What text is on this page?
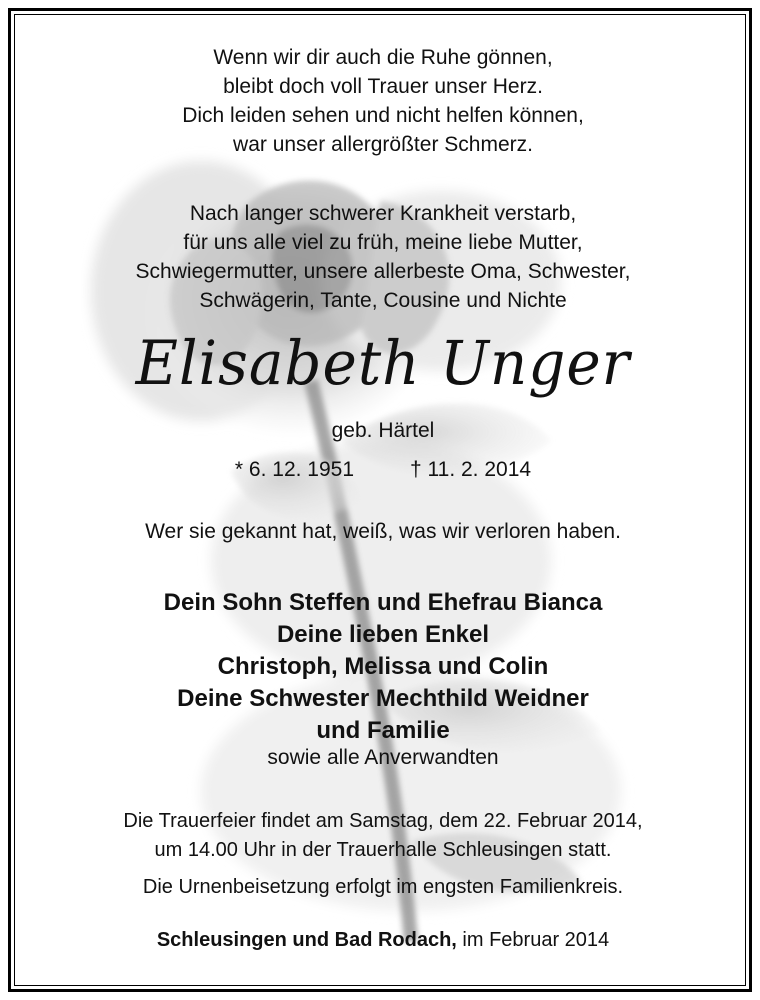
Wenn wir dir auch die Ruhe gönnen,
bleibt doch voll Trauer unser Herz.
Dich leiden sehen und nicht helfen können,
war unser allergrößter Schmerz.
Nach langer schwerer Krankheit verstarb,
für uns alle viel zu früh, meine liebe Mutter,
Schwiegermutter, unsere allerbeste Oma, Schwester,
Schwägerin, Tante, Cousine und Nichte
Elisabeth Unger
geb. Härtel
* 6. 12. 1951	† 11. 2. 2014
Wer sie gekannt hat, weiß, was wir verloren haben.
Dein Sohn Steffen und Ehefrau Bianca
Deine lieben Enkel
Christoph, Melissa und Colin
Deine Schwester Mechthild Weidner
und Familie
sowie alle Anverwandten
Die Trauerfeier findet am Samstag, dem 22. Februar 2014,
um 14.00 Uhr in der Trauerhalle Schleusingen statt.
Die Urnenbeisetzung erfolgt im engsten Familienkreis.
Schleusingen und Bad Rodach, im Februar 2014
